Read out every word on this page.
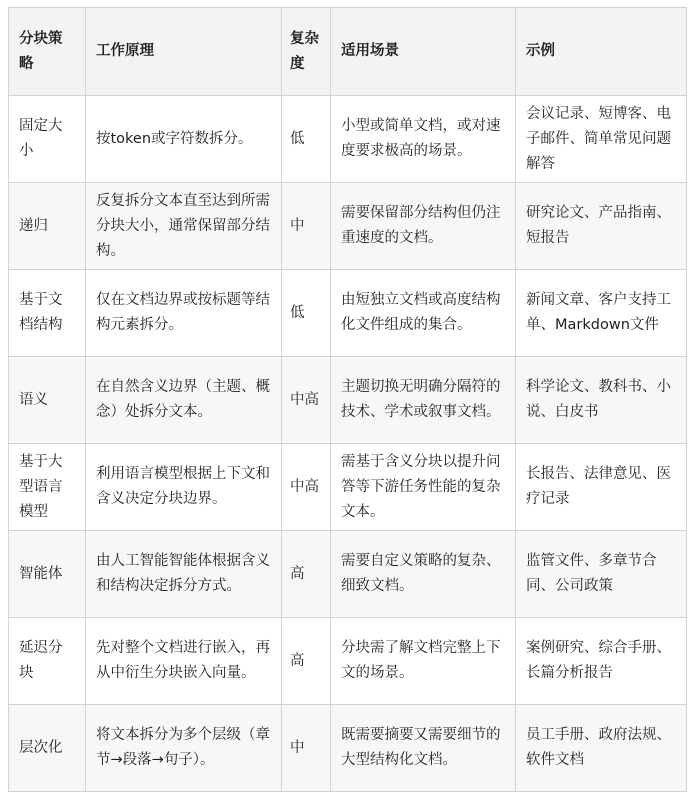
分块策略	工作原理	复杂度	适用场景	示例
固定大小	按token或字符数拆分。	低	小型或简单文档，或对速度要求极高的场景。	会议记录、短博客、电子邮件、简单常见问题解答
递归	反复拆分文本直至达到所需分块大小，通常保留部分结构。	中	需要保留部分结构但仍注重速度的文档。	研究论文、产品指南、短报告
基于文档结构	仅在文档边界或按标题等结构元素拆分。	低	由短独立文档或高度结构化文件组成的集合。	新闻文章、客户支持工单、Markdown文件
语义	在自然含义边界（主题、概念）处拆分文本。	中高	主题切换无明确分隔符的技术、学术或叙事文档。	科学论文、教科书、小说、白皮书
基于大型语言模型	利用语言模型根据上下文和含义决定分块边界。	中高	需基于含义分块以提升问答等下游任务性能的复杂文本。	长报告、法律意见、医疗记录
智能体	由人工智能智能体根据含义和结构决定拆分方式。	高	需要自定义策略的复杂、细致文档。	监管文件、多章节合同、公司政策
延迟分块	先对整个文档进行嵌入，再从中衍生分块嵌入向量。	高	分块需了解文档完整上下文的场景。	案例研究、综合手册、长篇分析报告
层次化	将文本拆分为多个层级（章节→段落→句子）。	中	既需要摘要又需要细节的大型结构化文档。	员工手册、政府法规、软件文档
